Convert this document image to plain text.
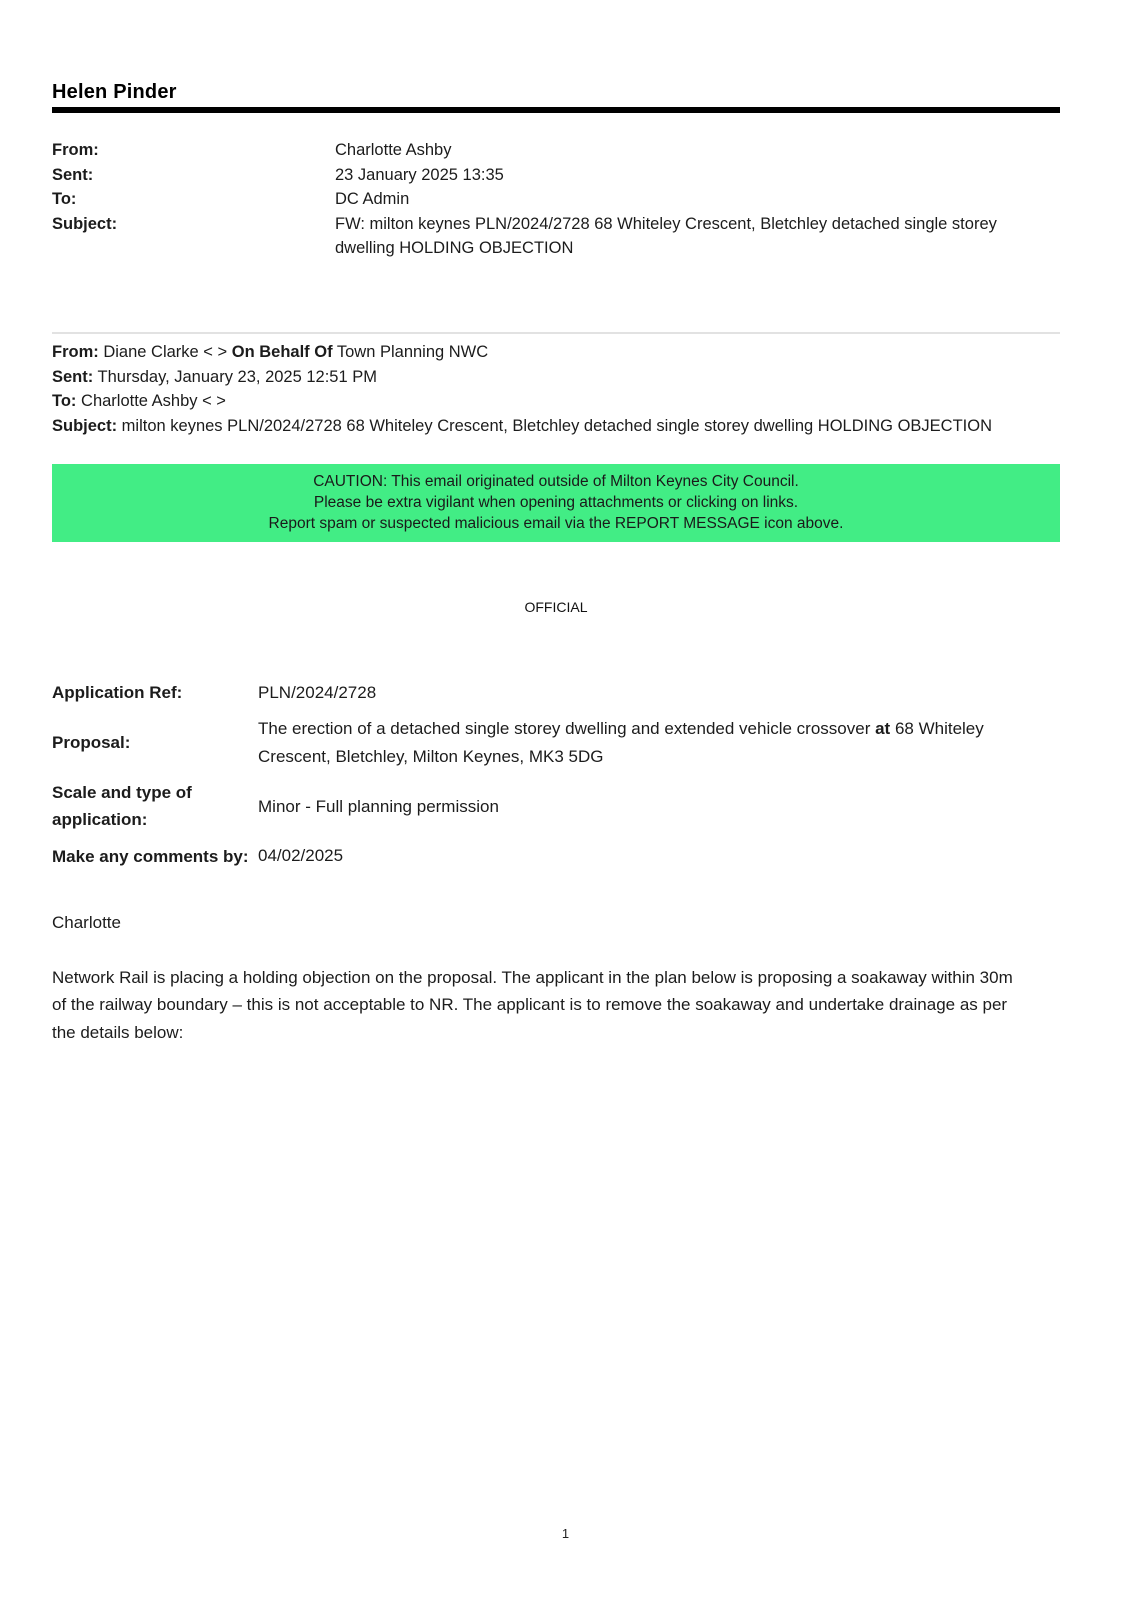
Helen Pinder
From:	Charlotte Ashby
Sent:	23 January 2025 13:35
To:	DC Admin
Subject:	FW: milton keynes PLN/2024/2728 68 Whiteley Crescent, Bletchley detached single storey dwelling HOLDING OBJECTION

From: Diane Clarke < > On Behalf Of Town Planning NWC

Sent: Thursday, January 23, 2025 12:51 PM

To: Charlotte Ashby < >

Subject: milton keynes PLN/2024/2728 68 Whiteley Crescent, Bletchley detached single storey dwelling HOLDING OBJECTION

CAUTION: This email originated outside of Milton Keynes City Council.
Please be extra vigilant when opening attachments or clicking on links.
Report spam or suspected malicious email via the REPORT MESSAGE icon above.
OFFICIAL
Application Ref:	PLN/2024/2728
Proposal:
The erection of a detached single storey dwelling and extended vehicle crossover at 68 Whiteley Crescent, Bletchley, Milton Keynes, MK3 5DG
Scale and type of application:
Minor - Full planning permission
Make any comments by: 04/02/2025
Charlotte
Network Rail is placing a holding objection on the proposal. The applicant in the plan below is proposing a soakaway within 30m of the railway boundary – this is not acceptable to NR. The applicant is to remove the soakaway and undertake drainage as per the details below:
1
